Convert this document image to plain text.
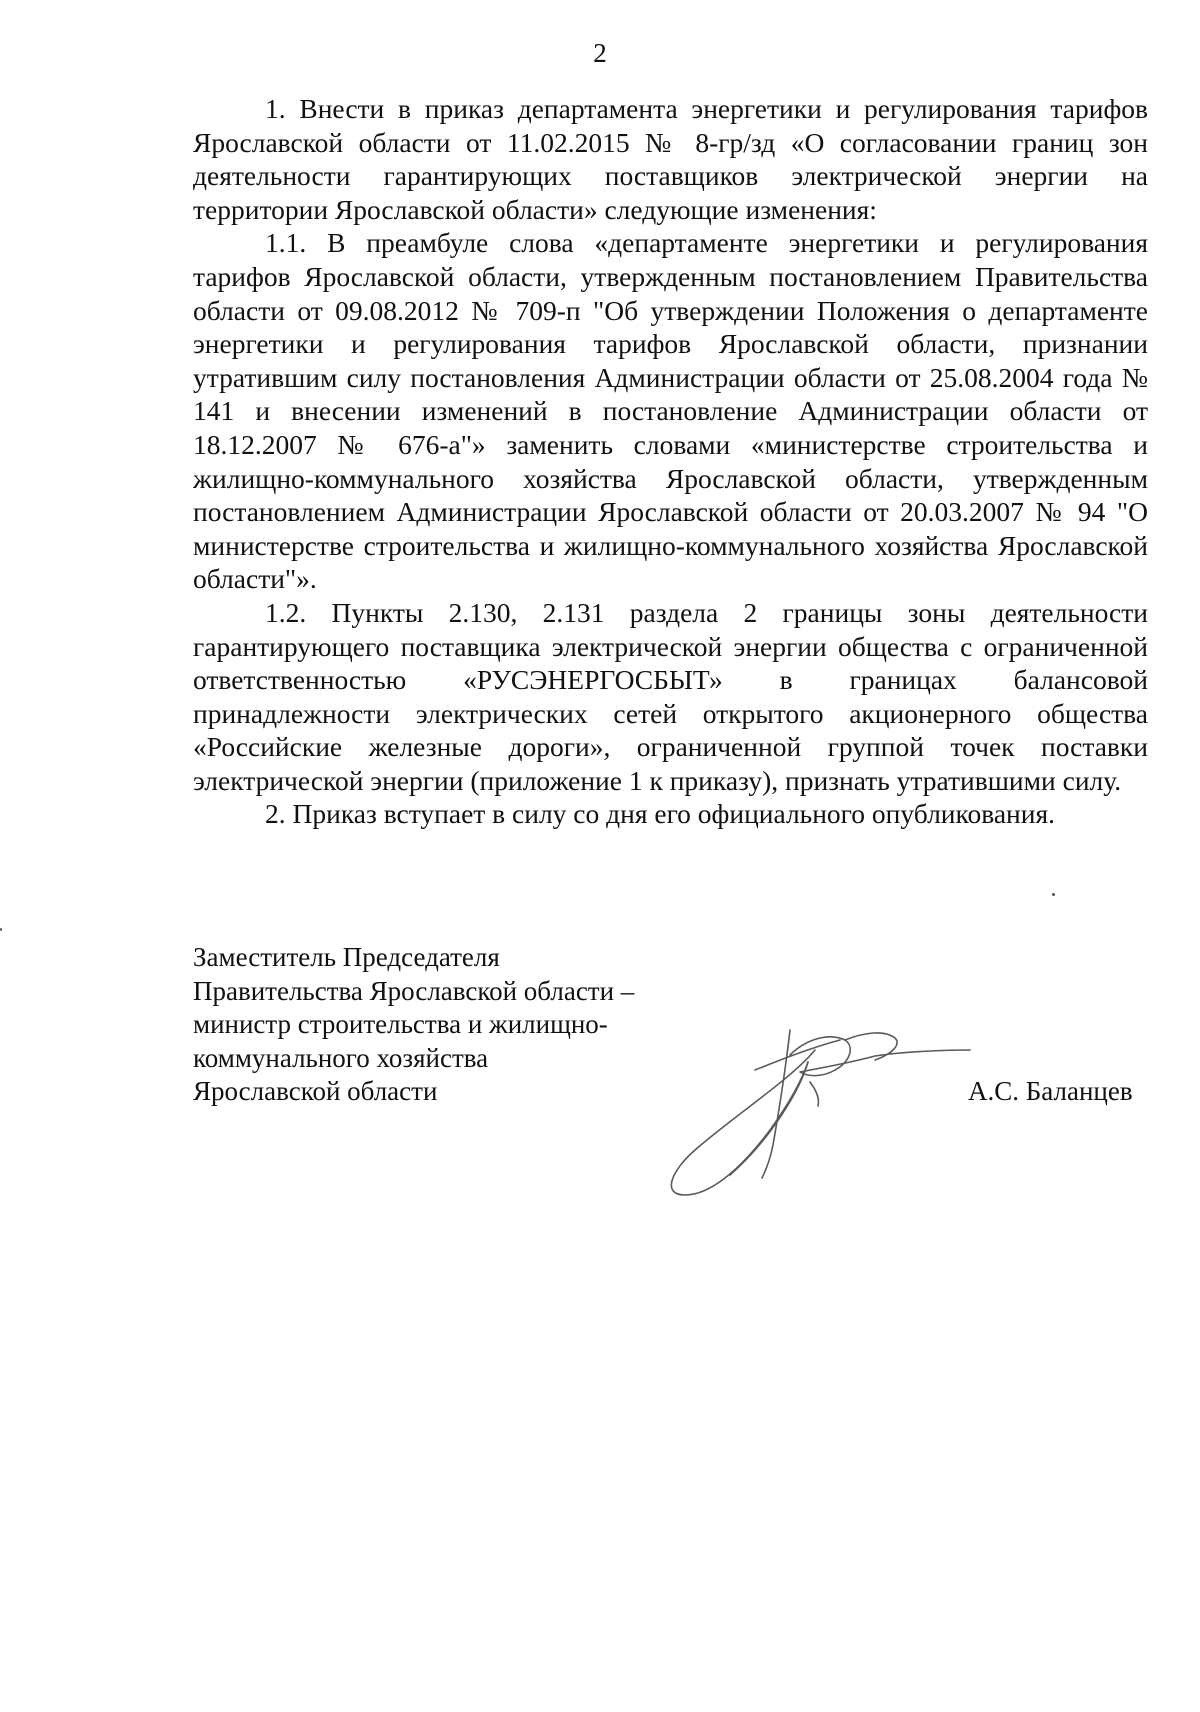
2

1. Внести в приказ департамента энергетики и регулирования тарифов Ярославской области от 11.02.2015 № 8-гр/зд «О согласовании границ зон деятельности гарантирующих поставщиков электрической энергии на территории Ярославской области» следующие изменения:

1.1. В преамбуле слова «департаменте энергетики и регулирования тарифов Ярославской области, утвержденным постановлением Правительства области от 09.08.2012 № 709-п "Об утверждении Положения о департаменте энергетики и регулирования тарифов Ярославской области, признании утратившим силу постановления Администрации области от 25.08.2004 года № 141 и внесении изменений в постановление Администрации области от 18.12.2007 № 676-а"» заменить словами «министерстве строительства и жилищно-коммунального хозяйства Ярославской области, утвержденным постановлением Администрации Ярославской области от 20.03.2007 № 94 "О министерстве строительства и жилищно-коммунального хозяйства Ярославской области"».

1.2. Пункты 2.130, 2.131 раздела 2 границы зоны деятельности гарантирующего поставщика электрической энергии общества с ограниченной ответственностью «РУСЭНЕРГОСБЫТ» в границах балансовой принадлежности электрических сетей открытого акционерного общества «Российские железные дороги», ограниченной группой точек поставки электрической энергии (приложение 1 к приказу), признать утратившими силу.

2. Приказ вступает в силу со дня его официального опубликования.

Заместитель Председателя
Правительства Ярославской области –
министр строительства и жилищно-
коммунального хозяйства
Ярославской области	А.С. Баланцев
